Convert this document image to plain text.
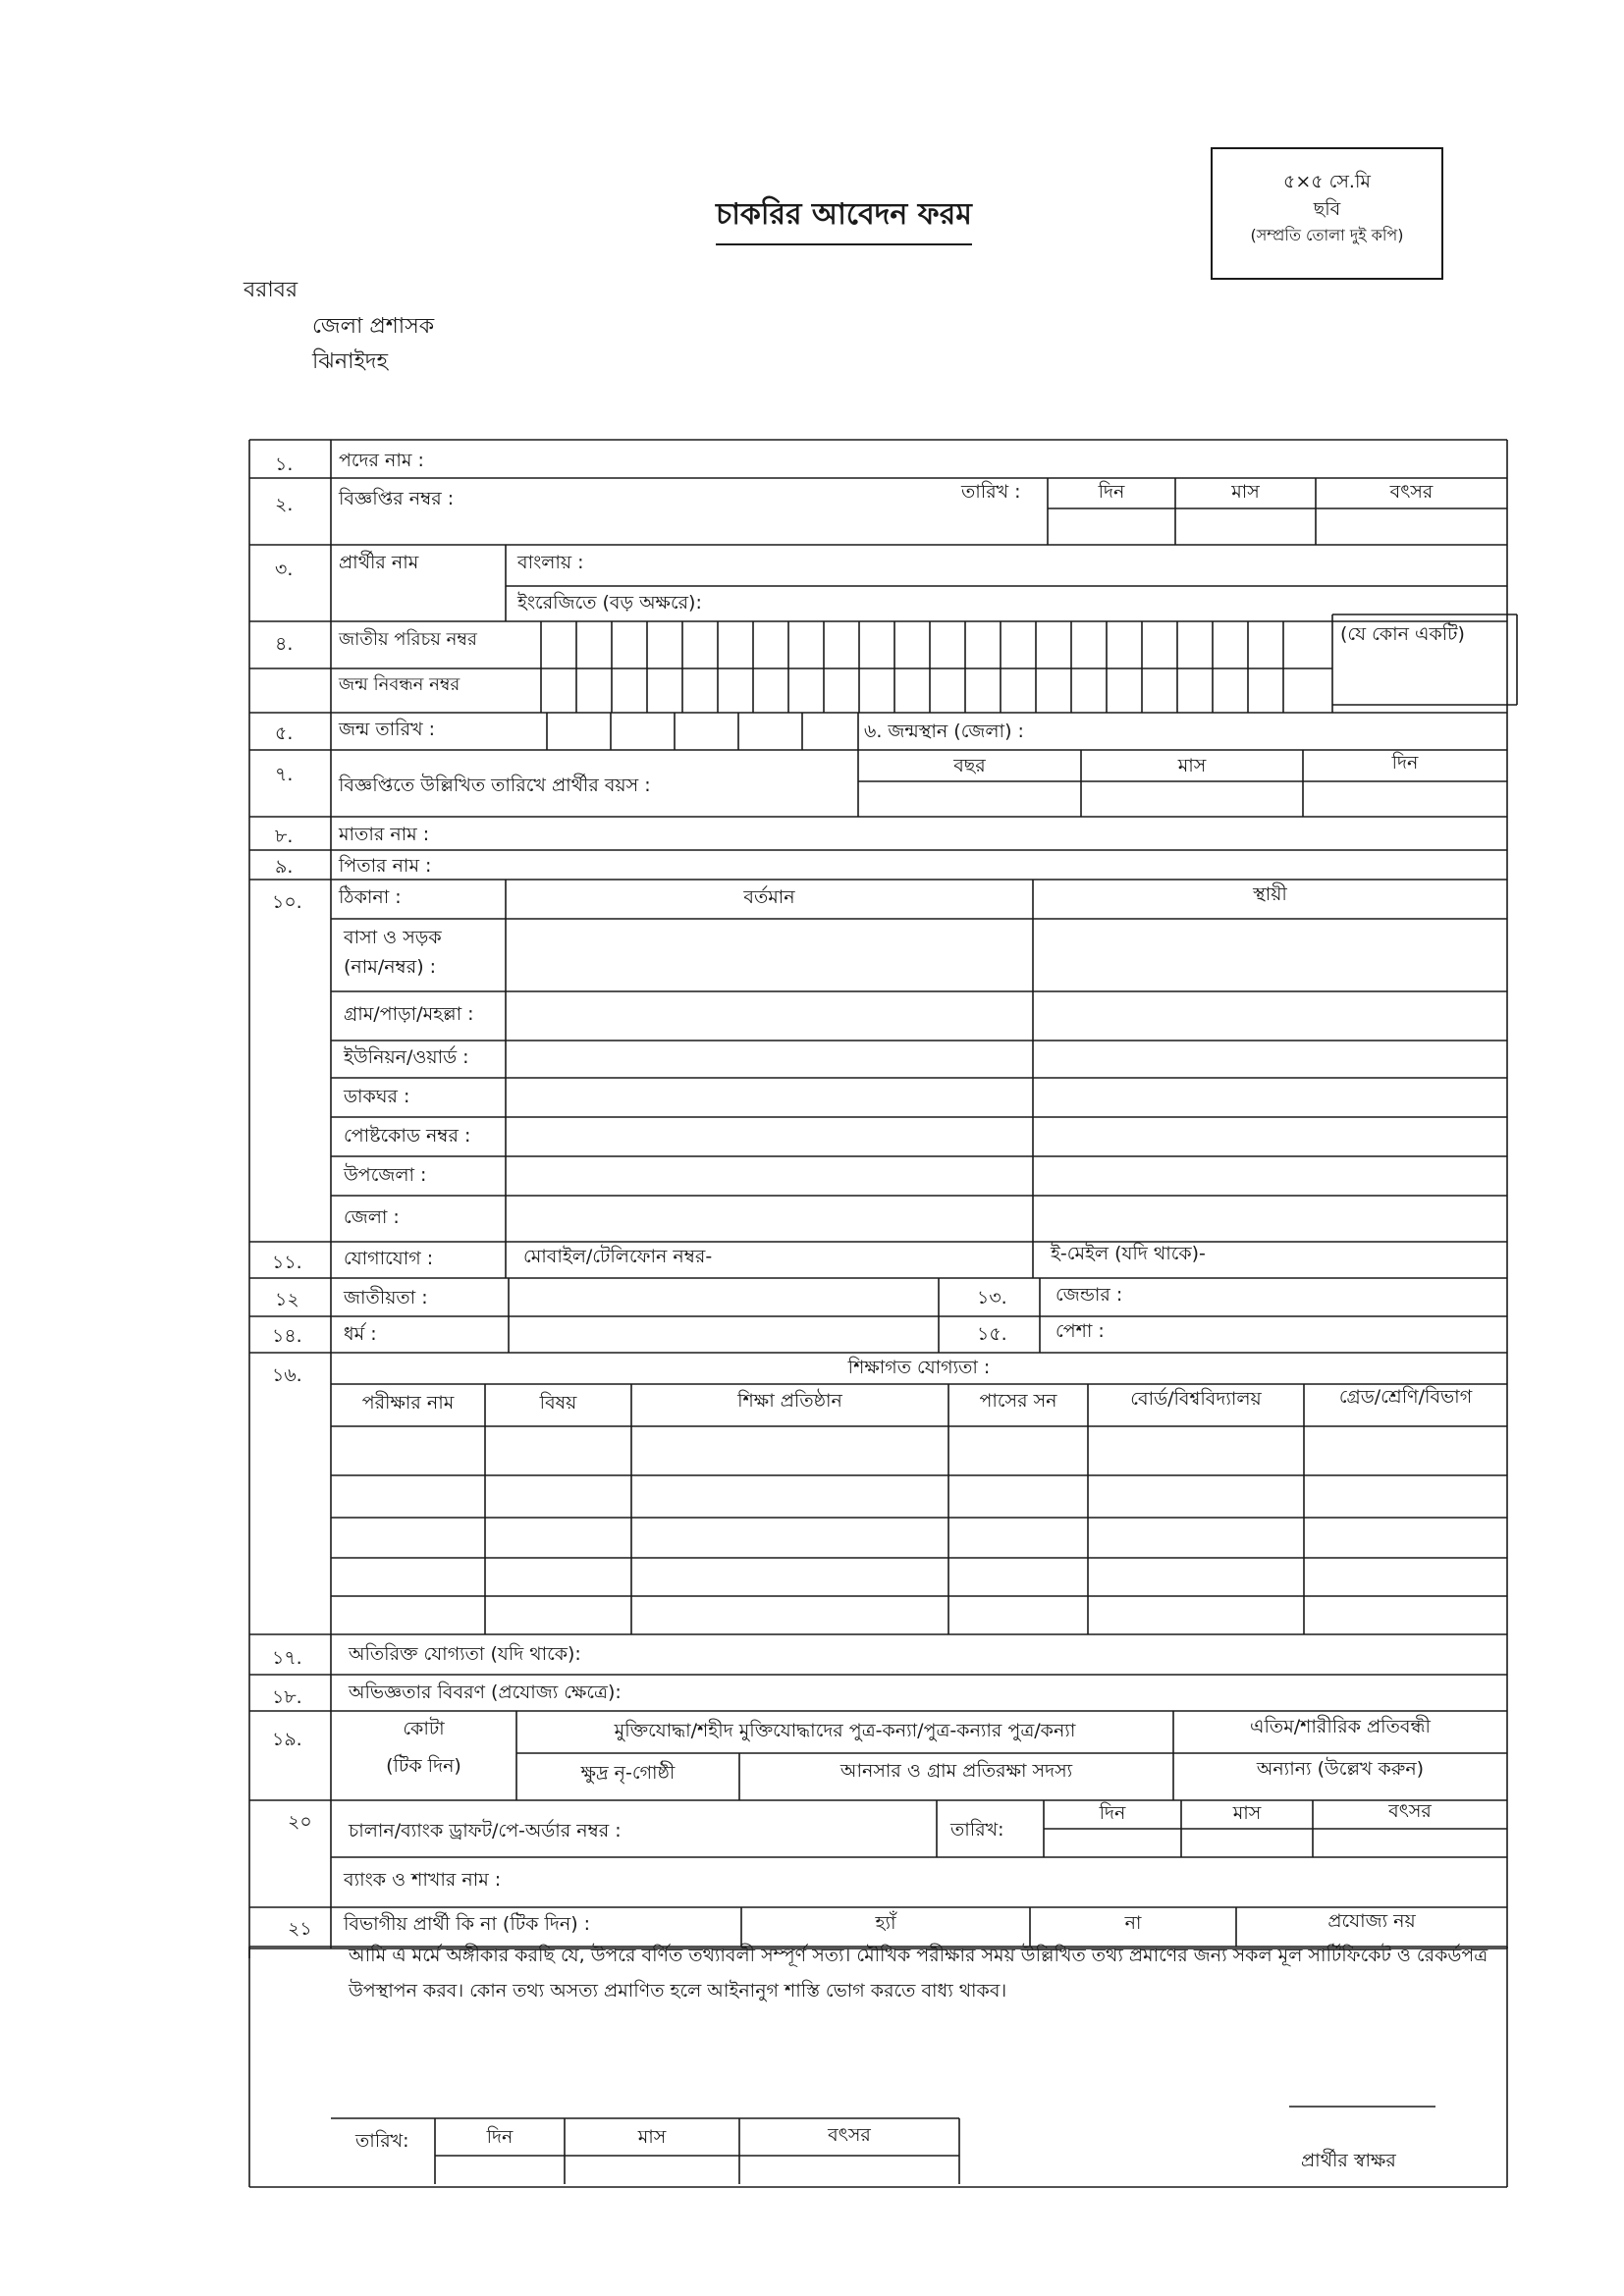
৫×৫ সে.মি
ছবি
(সম্প্রতি তোলা দুই কপি)
চাকরির আবেদন ফরম
বরাবর
জেলা প্রশাসক
ঝিনাইদহ
১. পদের নাম :
২. বিজ্ঞপ্তির নম্বর :	তারিখ :	দিন	মাস	বৎসর
৩. প্রার্থীর নাম	বাংলায় :
ইংরেজিতে (বড় অক্ষরে):
৪.	জাতীয় পরিচয় নম্বর
জন্ম নিবন্ধন নম্বর
(যে কোন একটি)
৫. জন্ম তারিখ :	৬. জন্মস্থান (জেলা) :
৭. বিজ্ঞপ্তিতে উল্লিখিত তারিখে প্রার্থীর বয়স :
বছর	মাস	দিন
৮. মাতার নাম :
৯. পিতার নাম :
১০. ঠিকানা :	বর্তমান	স্থায়ী
বাসা ও সড়ক
(নাম/নম্বর) :
গ্রাম/পাড়া/মহল্লা :
ইউনিয়ন/ওয়ার্ড :
ডাকঘর :
পোষ্টকোড নম্বর :
উপজেলা :
জেলা :
১১. যোগাযোগ :	মোবাইল/টেলিফোন নম্বর-	ই-মেইল (যদি থাকে)-
১২ জাতীয়তা :	১৩.	জেন্ডার :
১৪. ধর্ম :	১৫.	পেশা :
১৬.	শিক্ষাগত যোগ্যতা :
পরীক্ষার নাম	বিষয়	শিক্ষা প্রতিষ্ঠান	পাসের সন	বোর্ড/বিশ্ববিদ্যালয়	গ্রেড/শ্রেণি/বিভাগ
১৭. অতিরিক্ত যোগ্যতা (যদি থাকে):
১৮. অভিজ্ঞতার বিবরণ (প্রযোজ্য ক্ষেত্রে):
১৯.	কোটা
(টিক দিন)
মুক্তিযোদ্ধা/শহীদ মুক্তিযোদ্ধাদের পুত্র-কন্যা/পুত্র-কন্যার পুত্র/কন্যা	এতিম/শারীরিক প্রতিবন্ধী
ক্ষুদ্র নৃ-গোষ্ঠী	আনসার ও গ্রাম প্রতিরক্ষা সদস্য	অন্যান্য (উল্লেখ করুন)
২০ চালান/ব্যাংক ড্রাফট/পে-অর্ডার নম্বর :	তারিখ:
দিন	মাস	বৎসর
ব্যাংক ও শাখার নাম :
২১ বিভাগীয় প্রার্থী কি না (টিক দিন) :	হ্যাঁ	না	প্রযোজ্য নয়
আমি এ মর্মে অঙ্গীকার করছি যে, উপরে বর্ণিত তথ্যাবলী সম্পূর্ণ সত্য। মৌখিক পরীক্ষার সময় উল্লিখিত তথ্য প্রমাণের জন্য সকল মূল সার্টিফিকেট ও রেকর্ডপত্র উপস্থাপন করব। কোন তথ্য অসত্য প্রমাণিত হলে আইনানুগ শাস্তি ভোগ করতে বাধ্য থাকব।
তারিখ:	দিন	মাস	বৎসর
প্রার্থীর স্বাক্ষর
